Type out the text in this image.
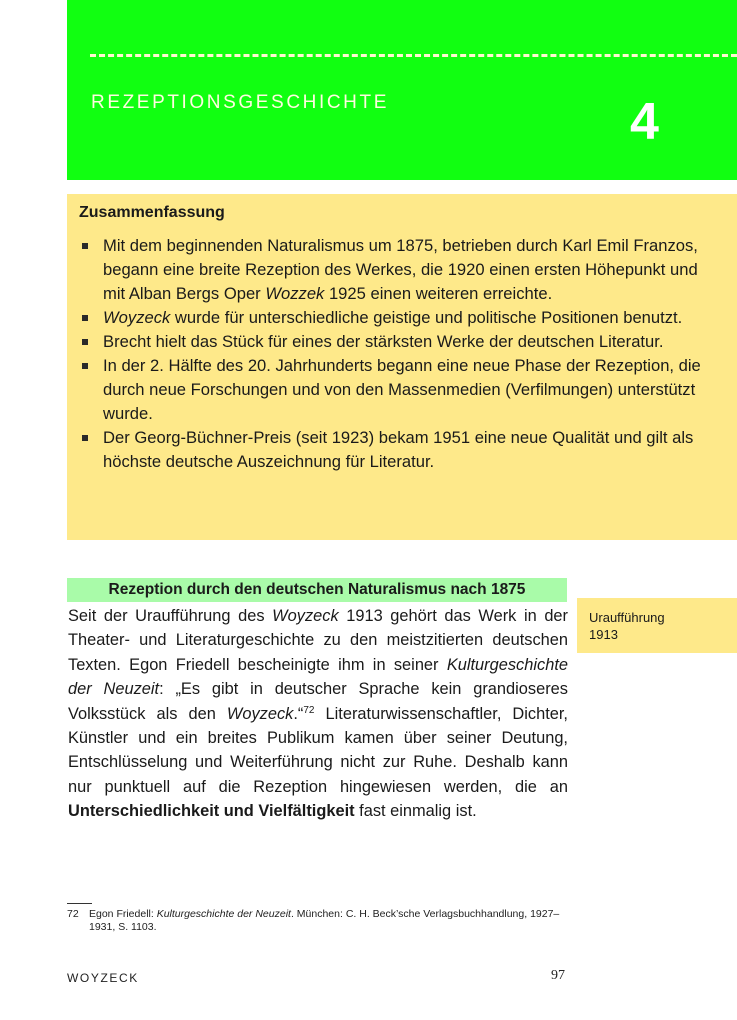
REZEPTIONSGESCHICHTE	4
Zusammenfassung
Mit dem beginnenden Naturalismus um 1875, betrieben durch Karl Emil Franzos, begann eine breite Rezeption des Werkes, die 1920 einen ersten Höhepunkt und mit Alban Bergs Oper Wozzek 1925 einen weiteren erreichte.
Woyzeck wurde für unterschiedliche geistige und politische Positionen benutzt.
Brecht hielt das Stück für eines der stärksten Werke der deutschen Literatur.
In der 2. Hälfte des 20. Jahrhunderts begann eine neue Phase der Rezeption, die durch neue Forschungen und von den Massenmedien (Verfilmungen) unterstützt wurde.
Der Georg-Büchner-Preis (seit 1923) bekam 1951 eine neue Qualität und gilt als höchste deutsche Auszeichnung für Literatur.
Rezeption durch den deutschen Naturalismus nach 1875

Seit der Uraufführung des Woyzeck 1913 gehört das Werk in der Theater- und Literaturgeschichte zu den meistzitierten deutschen Texten. Egon Friedell bescheinigte ihm in seiner Kulturgeschichte der Neuzeit: „Es gibt in deutscher Sprache kein grandioseres Volksstück als den Woyzeck.“$^{72}$ Literaturwissenschaftler, Dichter, Künstler und ein breites Publikum kamen über seiner Deutung, Entschlüsselung und Weiterführung nicht zur Ruhe. Deshalb kann nur punktuell auf die Rezeption hingewiesen werden, die an Unterschiedlichkeit und Vielfältigkeit fast einmalig ist.

Uraufführung
1913
72 Egon Friedell: Kulturgeschichte der Neuzeit. München: C. H. Beck’sche Verlagsbuchhandlung, 1927–1931, S. 1103.
WOYZECK	97
